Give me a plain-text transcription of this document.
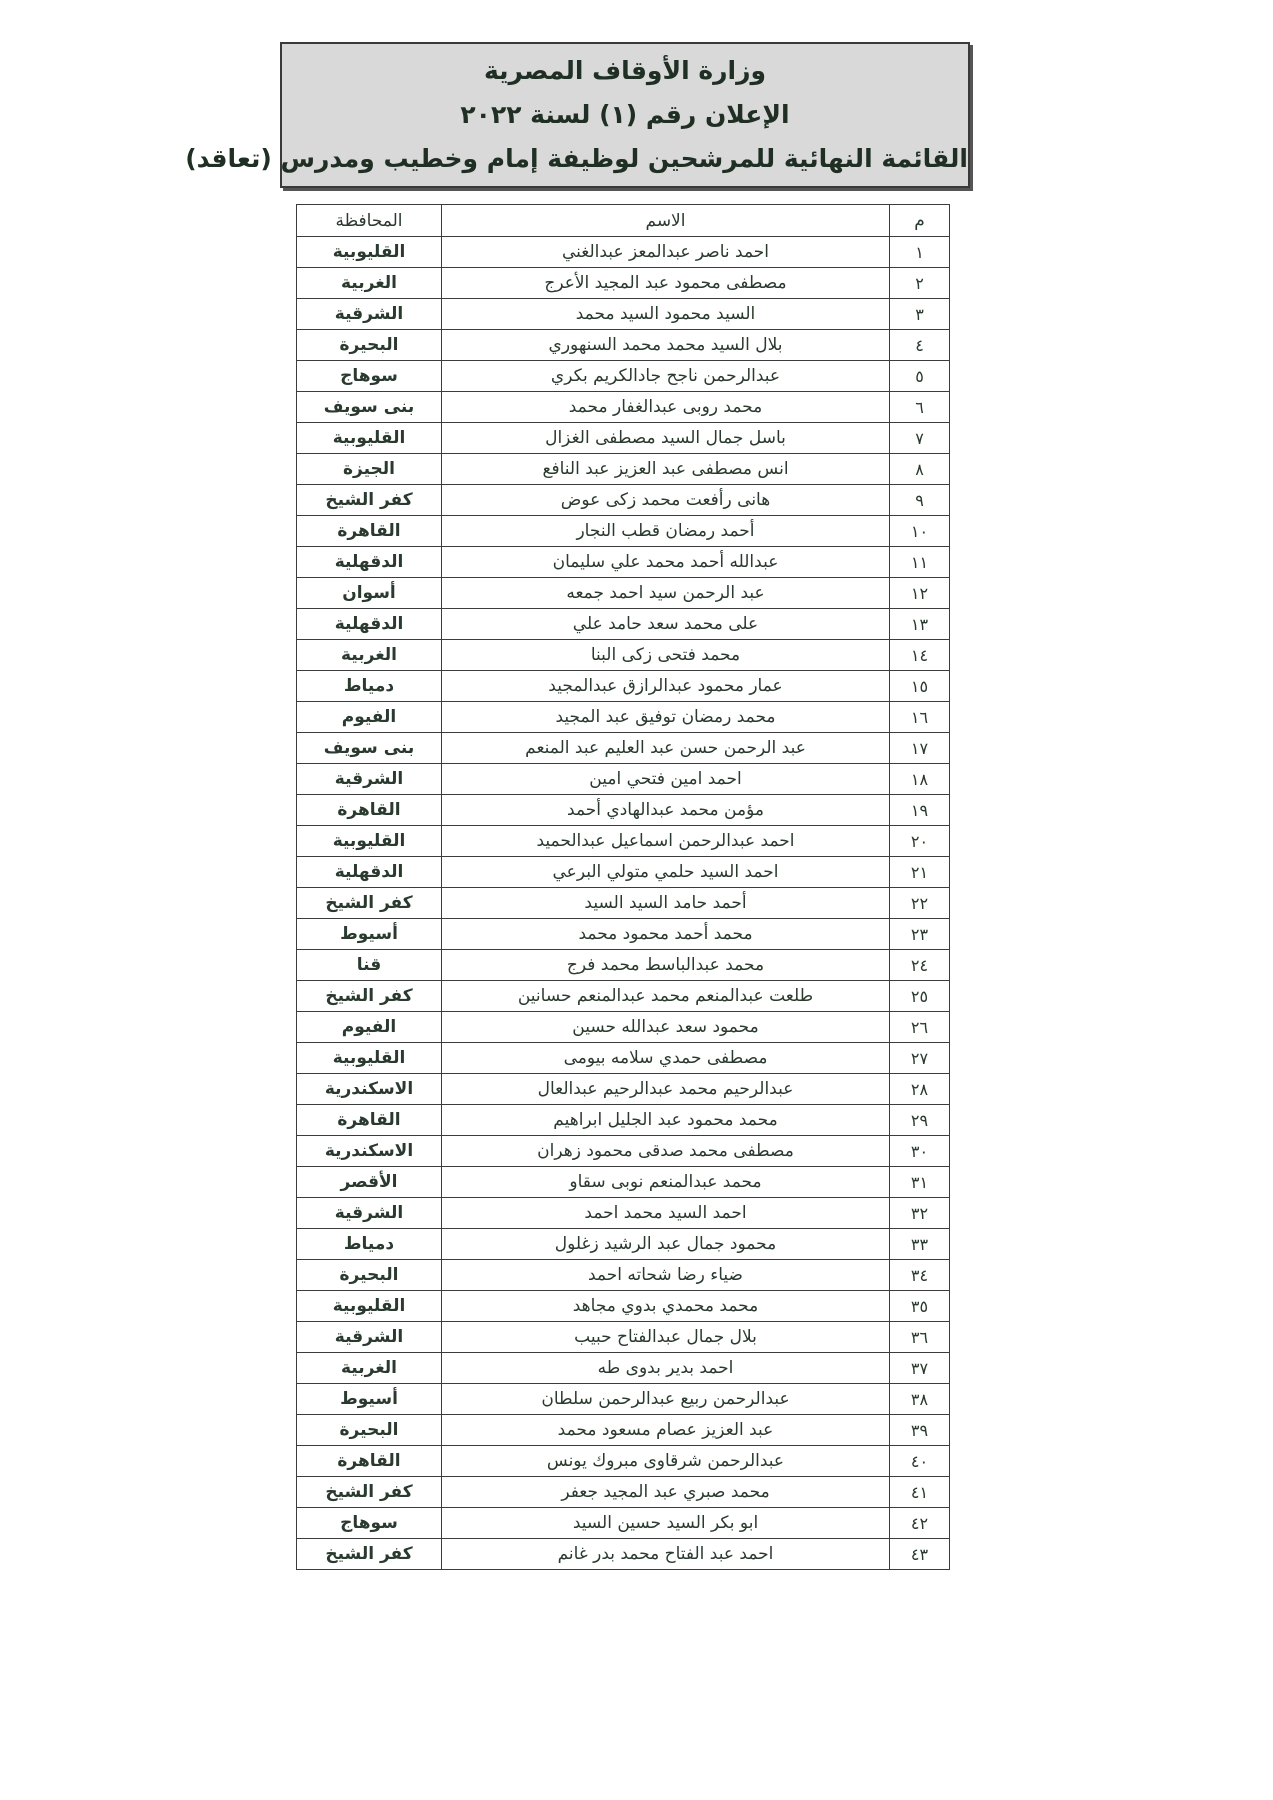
وزارة الأوقاف المصرية
الإعلان رقم (١) لسنة ٢٠٢٢
القائمة النهائية للمرشحين لوظيفة إمام وخطيب ومدرس (تعاقد)
م	الاسم	المحافظة
١	احمد ناصر عبدالمعز عبدالغني	القليوبية
٢	مصطفى محمود عبد المجيد الأعرج	الغربية
٣	السيد محمود السيد محمد	الشرقية
٤	بلال السيد محمد محمد السنهوري	البحيرة
٥	عبدالرحمن ناجح جادالكريم بكري	سوهاج
٦	محمد روبى عبدالغفار محمد	بنى سويف
٧	باسل جمال السيد مصطفى الغزال	القليوبية
٨	انس مصطفى عبد العزيز عبد النافع	الجيزة
٩	هانى رأفعت محمد زكى عوض	كفر الشيخ
١٠	أحمد رمضان قطب النجار	القاهرة
١١	عبدالله أحمد محمد علي سليمان	الدقهلية
١٢	عبد الرحمن سيد احمد جمعه	أسوان
١٣	على محمد سعد حامد علي	الدقهلية
١٤	محمد فتحى زكى البنا	الغربية
١٥	عمار محمود عبدالرازق عبدالمجيد	دمياط
١٦	محمد رمضان توفيق عبد المجيد	الفيوم
١٧	عبد الرحمن حسن عبد العليم عبد المنعم	بنى سويف
١٨	احمد امين فتحي امين	الشرقية
١٩	مؤمن محمد عبدالهادي أحمد	القاهرة
٢٠	احمد عبدالرحمن اسماعيل عبدالحميد	القليوبية
٢١	احمد السيد حلمي متولي البرعي	الدقهلية
٢٢	أحمد حامد السيد السيد	كفر الشيخ
٢٣	محمد أحمد محمود محمد	أسيوط
٢٤	محمد عبدالباسط محمد فرج	قنا
٢٥	طلعت عبدالمنعم محمد عبدالمنعم حسانين	كفر الشيخ
٢٦	محمود سعد عبدالله حسين	الفيوم
٢٧	مصطفى حمدي سلامه بيومى	القليوبية
٢٨	عبدالرحيم محمد عبدالرحيم عبدالعال	الاسكندرية
٢٩	محمد محمود عبد الجليل ابراهيم	القاهرة
٣٠	مصطفى محمد صدقى محمود زهران	الاسكندرية
٣١	محمد عبدالمنعم نوبى سقاو	الأقصر
٣٢	احمد السيد محمد احمد	الشرقية
٣٣	محمود جمال عبد الرشيد زغلول	دمياط
٣٤	ضياء رضا شحاته احمد	البحيرة
٣٥	محمد محمدي بدوي مجاهد	القليوبية
٣٦	بلال جمال عبدالفتاح حبيب	الشرقية
٣٧	احمد بدير بدوى طه	الغربية
٣٨	عبدالرحمن ربيع عبدالرحمن سلطان	أسيوط
٣٩	عبد العزيز عصام مسعود محمد	البحيرة
٤٠	عبدالرحمن شرقاوى مبروك يونس	القاهرة
٤١	محمد صبري عبد المجيد جعفر	كفر الشيخ
٤٢	ابو بكر السيد حسين السيد	سوهاج
٤٣	احمد عبد الفتاح محمد بدر غانم	كفر الشيخ
